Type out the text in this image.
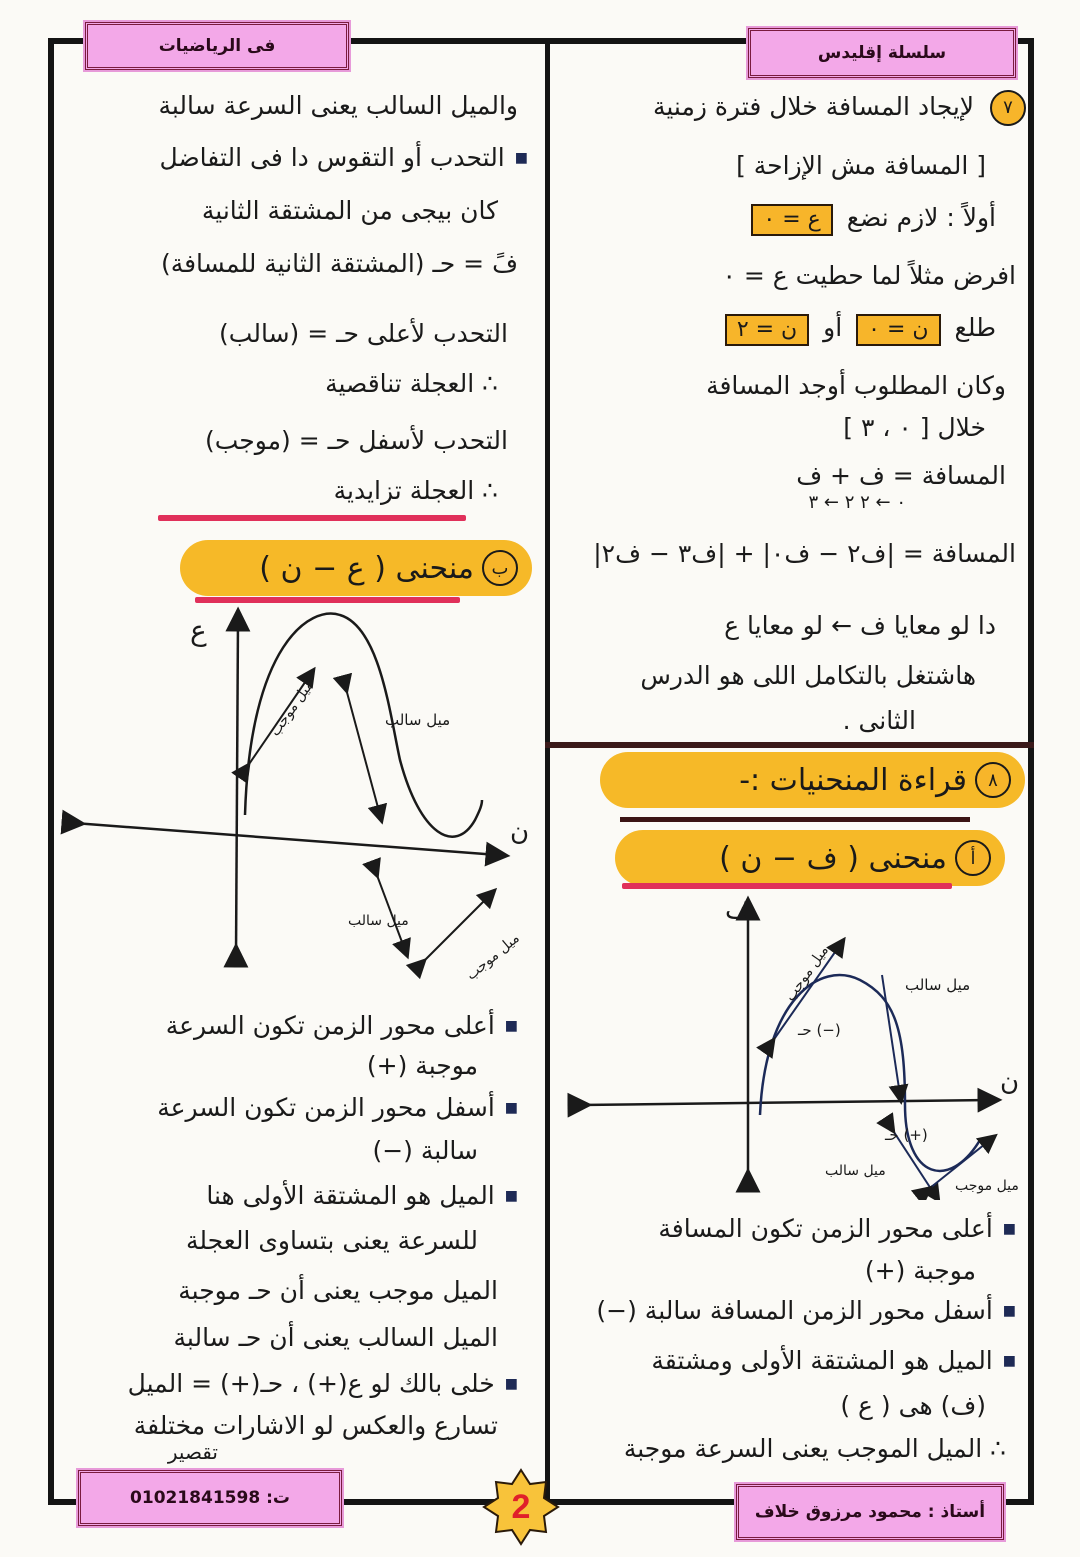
فى الرياضيات	سلسلة إقليدس
٧ لإيجاد المسافة خلال فترة زمنية
[ المسافة مش الإزاحة ]
أولاً : لازم نضع ع = ٠
افرض مثلاً لما حطيت ع = ٠
طلع ن = ٠ أو ن = ٢
وكان المطلوب أوجد المسافة
خلال [ ٠ ، ٣ ]
المسافة = ف + ف
٠ ← ٢ ٢ ← ٣
المسافة = |ف٢ − ف٠| + |ف٣ − ف٢|
دا لو معايا ف ← لو معايا ع
هاشتغل بالتكامل اللى هو الدرس
الثانى .
٨
قراءة المنحنيات :-
أ
منحنى ( ف − ن )
ف
ن
ميل موجب	ميل سالب
حـ (−)
حـ (+)
ميل سالب
ميل موجب
■ أعلى محور الزمن تكون المسافة
موجبة (+)
■ أسفل محور الزمن المسافة سالبة (−)
■ الميل هو المشتقة الأولى ومشتقة
(ف) هى ( ع )
∴ الميل الموجب يعنى السرعة موجبة
والميل السالب يعنى السرعة سالبة
■ التحدب أو التقوس دا فى التفاضل
كان بيجى من المشتقة الثانية
فً = حـ (المشتقة الثانية للمسافة)
التحدب لأعلى حـ = (سالب)
∴ العجلة تناقصية
التحدب لأسفل حـ = (موجب)
∴ العجلة تزايدية
ب
منحنى ( ع − ن )
ع
ن
ميل موجب	ميل سالب
ميل سالب
ميل موجب
■ أعلى محور الزمن تكون السرعة
موجبة (+)
■ أسفل محور الزمن تكون السرعة
سالبة (−)
■ الميل هو المشتقة الأولى هنا
للسرعة يعنى بتساوى العجلة
الميل موجب يعنى أن حـ موجبة
الميل السالب يعنى أن حـ سالبة
■ خلى بالك لو ع(+) ، حـ(+) = الميل
تسارع والعكس لو الاشارات مختلفة
تقصير
ت: 01021841598
أستاذ : محمود مرزوق خلاف
2
